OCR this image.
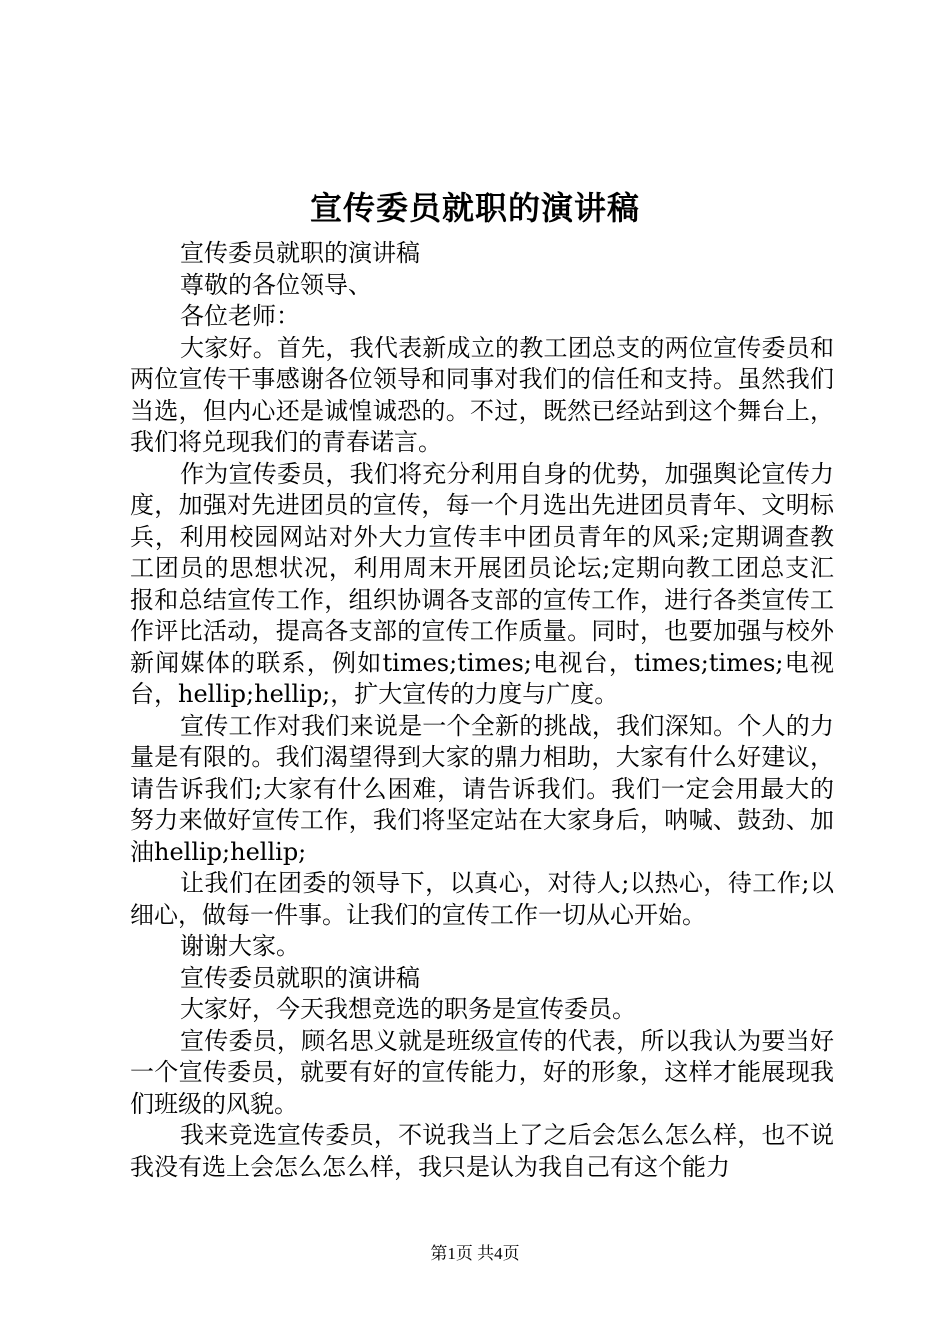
宣传委员就职的演讲稿

宣传委员就职的演讲稿

尊敬的各位领导、

各位老师：

大家好。首先，我代表新成立的教工团总支的两位宣传委员和两位宣传干事感谢各位领导和同事对我们的信任和支持。虽然我们当选，但内心还是诚惶诚恐的。不过，既然已经站到这个舞台上，我们将兑现我们的青春诺言。

作为宣传委员，我们将充分利用自身的优势，加强舆论宣传力度，加强对先进团员的宣传，每一个月选出先进团员青年、文明标兵，利用校园网站对外大力宣传丰中团员青年的风采;定期调查教工团员的思想状况，利用周末开展团员论坛;定期向教工团总支汇报和总结宣传工作，组织协调各支部的宣传工作，进行各类宣传工作评比活动，提高各支部的宣传工作质量。同时，也要加强与校外新闻媒体的联系，例如times;times;电视台，times;times;电视台，hellip;hellip;，扩大宣传的力度与广度。

宣传工作对我们来说是一个全新的挑战，我们深知。个人的力量是有限的。我们渴望得到大家的鼎力相助，大家有什么好建议，请告诉我们;大家有什么困难，请告诉我们。我们一定会用最大的努力来做好宣传工作，我们将坚定站在大家身后，呐喊、鼓劲、加油hellip;hellip;

让我们在团委的领导下，以真心，对待人;以热心，待工作;以细心，做每一件事。让我们的宣传工作一切从心开始。

谢谢大家。

宣传委员就职的演讲稿

大家好，今天我想竞选的职务是宣传委员。

宣传委员，顾名思义就是班级宣传的代表，所以我认为要当好一个宣传委员，就要有好的宣传能力，好的形象，这样才能展现我们班级的风貌。

我来竞选宣传委员，不说我当上了之后会怎么怎么样，也不说我没有选上会怎么怎么样，我只是认为我自己有这个能力

第1页 共4页
